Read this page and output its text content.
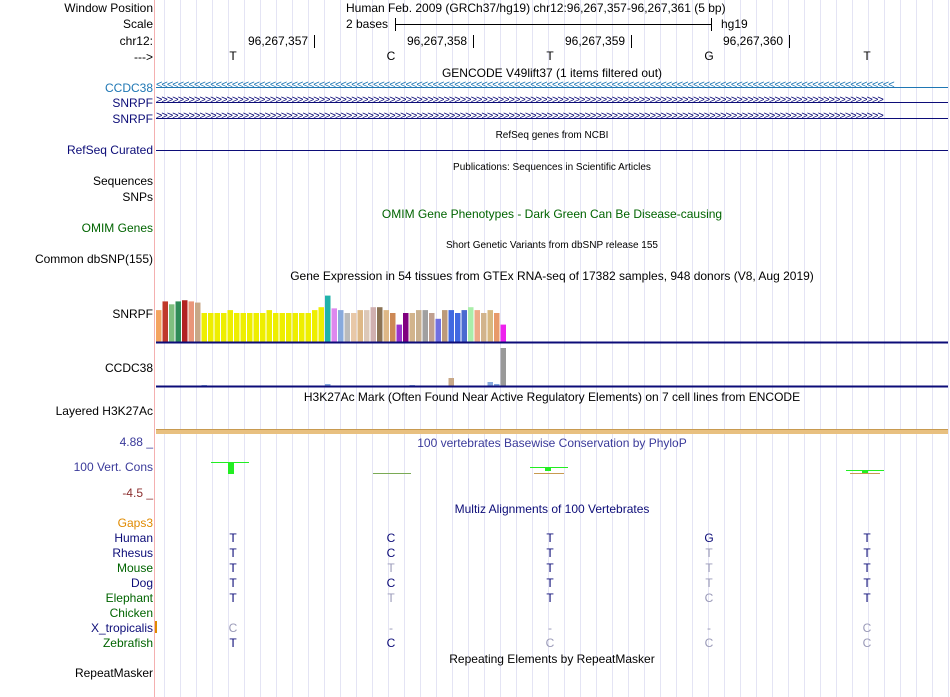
Window Position	Human Feb. 2009 (GRCh37/hg19) chr12:96,267,357-96,267,361 (5 bp)
Scale	2 bases	hg19
chr12:	96,267,357	96,267,358	96,267,359	96,267,360
--->	T	C	T	G	T
GENCODE V49lift37 (1 items filtered out)
CCDC38
SNRPF
SNRPF
<<<<<<<<<<<<<<<<<<<<<<<<<<<<<<<<<<<<<<<<<<<<<<<<<<<<<<<<<<<<<<<<<<<<<<<<<<<<<<<<<<<<<<<<<<<<<<<<<<<<<<<<<<<<<<<<<<<<<<<<<<<<<<<<<<<<<<<<
>>>>>>>>>>>>>>>>>>>>>>>>>>>>>>>>>>>>>>>>>>>>>>>>>>>>>>>>>>>>>>>>>>>>>>>>>>>>>>>>>>>>>>>>>>>>>>>>>>>>>>>>>>>>>>>>>>>>>>>>>>>>>>>>>>>>>>
>>>>>>>>>>>>>>>>>>>>>>>>>>>>>>>>>>>>>>>>>>>>>>>>>>>>>>>>>>>>>>>>>>>>>>>>>>>>>>>>>>>>>>>>>>>>>>>>>>>>>>>>>>>>>>>>>>>>>>>>>>>>>>>>>>>>>>
RefSeq genes from NCBI
RefSeq Curated
Publications: Sequences in Scientific Articles
Sequences
SNPs
OMIM Gene Phenotypes - Dark Green Can Be Disease-causing
OMIM Genes
Short Genetic Variants from dbSNP release 155
Common dbSNP(155)
Gene Expression in 54 tissues from GTEx RNA-seq of 17382 samples, 948 donors (V8, Aug 2019)
SNRPF
CCDC38
H3K27Ac Mark (Often Found Near Active Regulatory Elements) on 7 cell lines from ENCODE
Layered H3K27Ac
4.88 _	100 vertebrates Basewise Conservation by PhyloP
100 Vert. Cons
-4.5 _
Multiz Alignments of 100 Vertebrates
Gaps3
Human	T	C	T	G	T
Rhesus	T	C	T	T	T
Mouse	T	T	T	T	T
Dog	T	C	T	T	T
Elephant	T	T	T	C	T
Chicken
X_tropicalis	C	-	-	-	C
Zebrafish	T	C	C	C	C
Repeating Elements by RepeatMasker
RepeatMasker
